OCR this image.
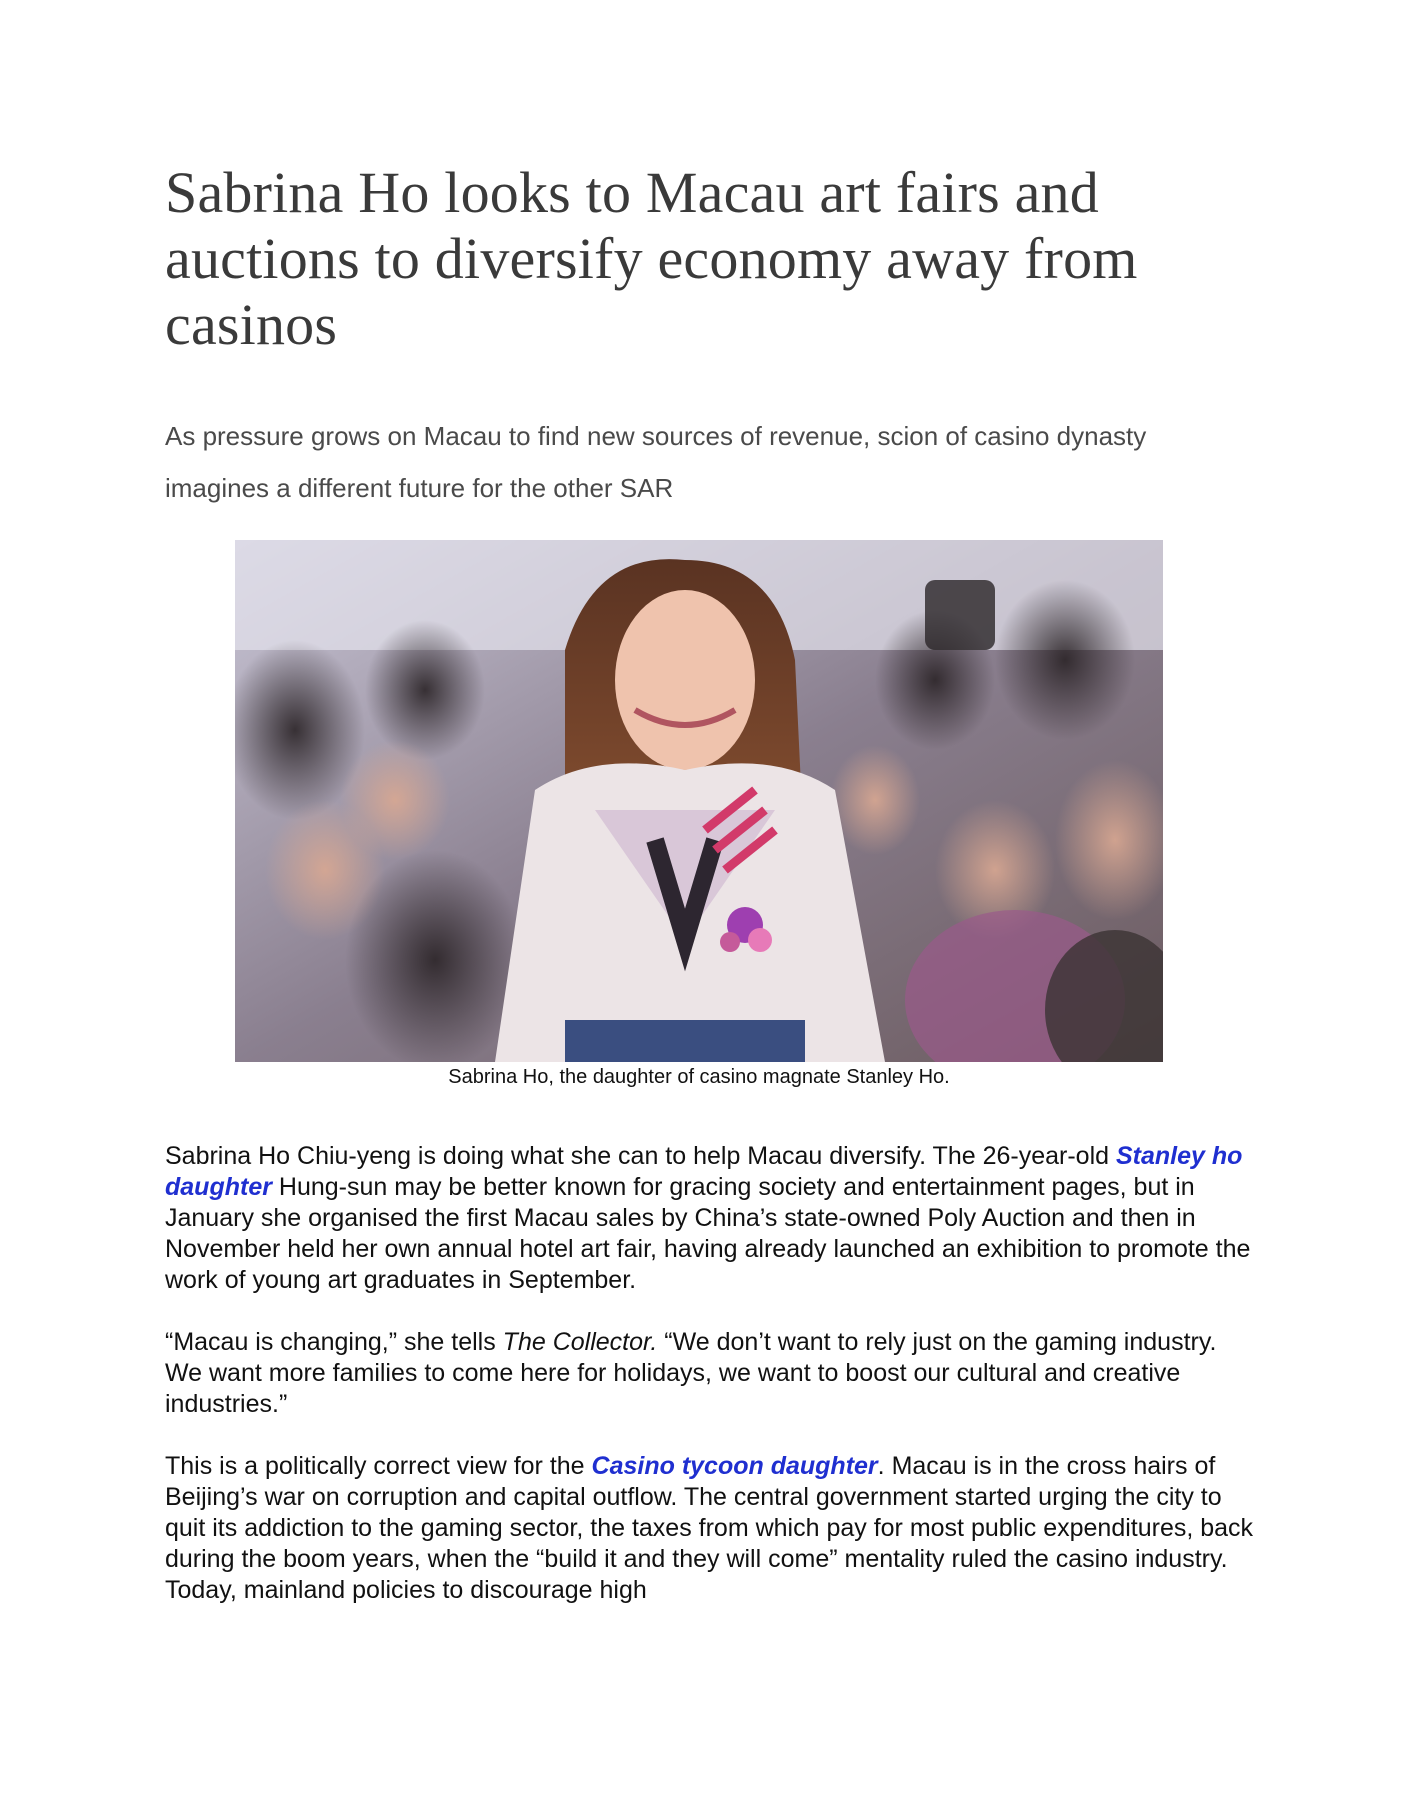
Sabrina Ho looks to Macau art fairs and auctions to diversify economy away from casinos
As pressure grows on Macau to find new sources of revenue, scion of casino dynasty
imagines a different future for the other SAR
Sabrina Ho, the daughter of casino magnate Stanley Ho.

Sabrina Ho Chiu-yeng is doing what she can to help Macau diversify. The 26-year-old Stanley ho daughter Hung-sun may be better known for gracing society and entertainment pages, but in January she organised the first Macau sales by China’s state-owned Poly Auction and then in November held her own annual hotel art fair, having already launched an exhibition to promote the work of young art graduates in September.

“Macau is changing,” she tells The Collector. “We don’t want to rely just on the gaming industry. We want more families to come here for holidays, we want to boost our cultural and creative industries.”

This is a politically correct view for the Casino tycoon daughter. Macau is in the cross hairs of Beijing’s war on corruption and capital outflow. The central government started urging the city to quit its addiction to the gaming sector, the taxes from which pay for most public expenditures, back during the boom years, when the “build it and they will come” mentality ruled the casino industry. Today, mainland policies to discourage high
